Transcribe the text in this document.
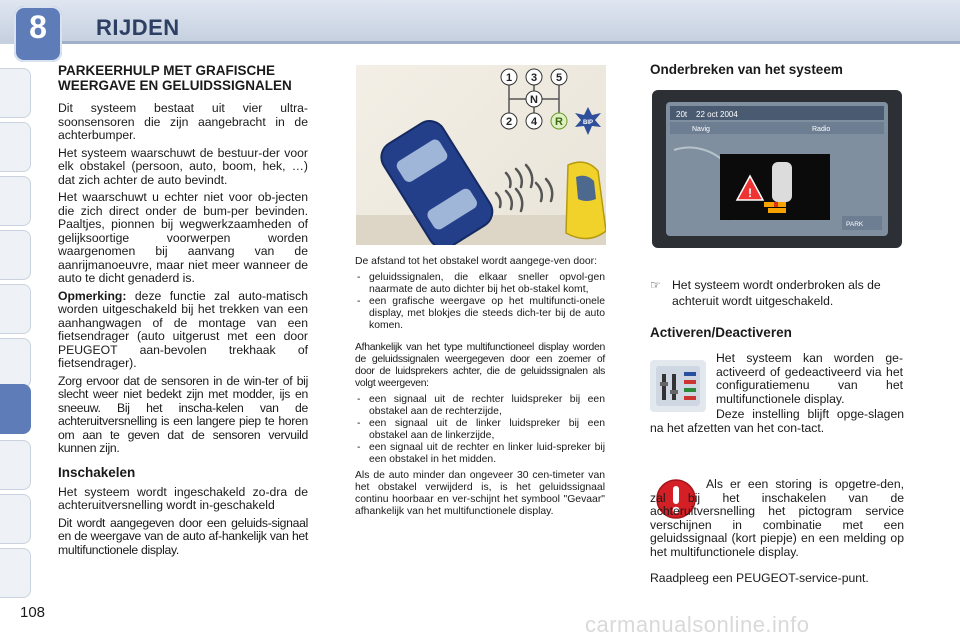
8	RIJDEN
108
PARKEERHULP MET GRAFISCHE WEERGAVE EN GELUIDSSIGNALEN

Dit systeem bestaat uit vier ultra-soonsensoren die zijn aangebracht in de achterbumper.

Het systeem waarschuwt de bestuur-der voor elk obstakel (persoon, auto, boom, hek, …) dat zich achter de auto bevindt.

Het waarschuwt u echter niet voor ob-jecten die zich direct onder de bum-per bevinden. Paaltjes, pionnen bij wegwerkzaamheden of gelijksoortige voorwerpen worden waargenomen bij aanvang van de aanrijmanoeuvre, maar niet meer wanneer de auto te dicht genaderd is.

Opmerking: deze functie zal auto-matisch worden uitgeschakeld bij het trekken van een aanhangwagen of de montage van een fietsendrager (auto uitgerust met een door PEUGEOT aan-bevolen trekhaak of fietsendrager).

Zorg ervoor dat de sensoren in de win-ter of bij slecht weer niet bedekt zijn met modder, ijs en sneeuw. Bij het inscha-kelen van de achteruitversnelling is een langere piep te horen om aan te geven dat de sensoren vervuild kunnen zijn.

Inschakelen

Het systeem wordt ingeschakeld zo-dra de achteruitversnelling wordt in-geschakeld

Dit wordt aangegeven door een geluids-signaal en de weergave van de auto af-hankelijk van het multifunctionele display.

1 3 5
N
2 4 R	BIP

De afstand tot het obstakel wordt aangege-ven door:

- geluidssignalen, die elkaar sneller opvol-gen naarmate de auto dichter bij het ob-stakel komt,
- een grafische weergave op het multifuncti-onele display, met blokjes die steeds dich-ter bij de auto komen.

Afhankelijk van het type multifunctioneel display worden de geluidssignalen weergegeven door een zoemer of door de luidsprekers achter, die de geluidssignalen als volgt weergeven:

- een signaal uit de rechter luidspreker bij een obstakel aan de rechterzijde,
- een signaal uit de linker luidspreker bij een obstakel aan de linkerzijde,
- een signaal uit de rechter en linker luid-spreker bij een obstakel in het midden.

Als de auto minder dan ongeveer 30 cen-timeter van het obstakel verwijderd is, is het geluidssignaal continu hoorbaar en ver-schijnt het symbool "Gevaar" afhankelijk van het multifunctionele display.

Onderbreken van het systeem
20t    22 oct 2004
Navig	Radio
!
PARK
☞ Het systeem wordt onderbroken als de achteruit wordt uitgeschakeld.
Activeren/Deactiveren
Het systeem kan worden ge-activeerd of gedeactiveerd via het configuratiemenu van het multifunctionele display.
Deze instelling blijft opge-slagen na het afzetten van het con-tact.
Als er een storing is opgetre-den, zal bij het inschakelen van de achteruitversnelling het pictogram service verschijnen in combinatie met een geluidssignaal (kort piepje) en een melding op het multifunctionele display.
Raadpleeg een PEUGEOT-service-punt.
carmanualsonline.info
